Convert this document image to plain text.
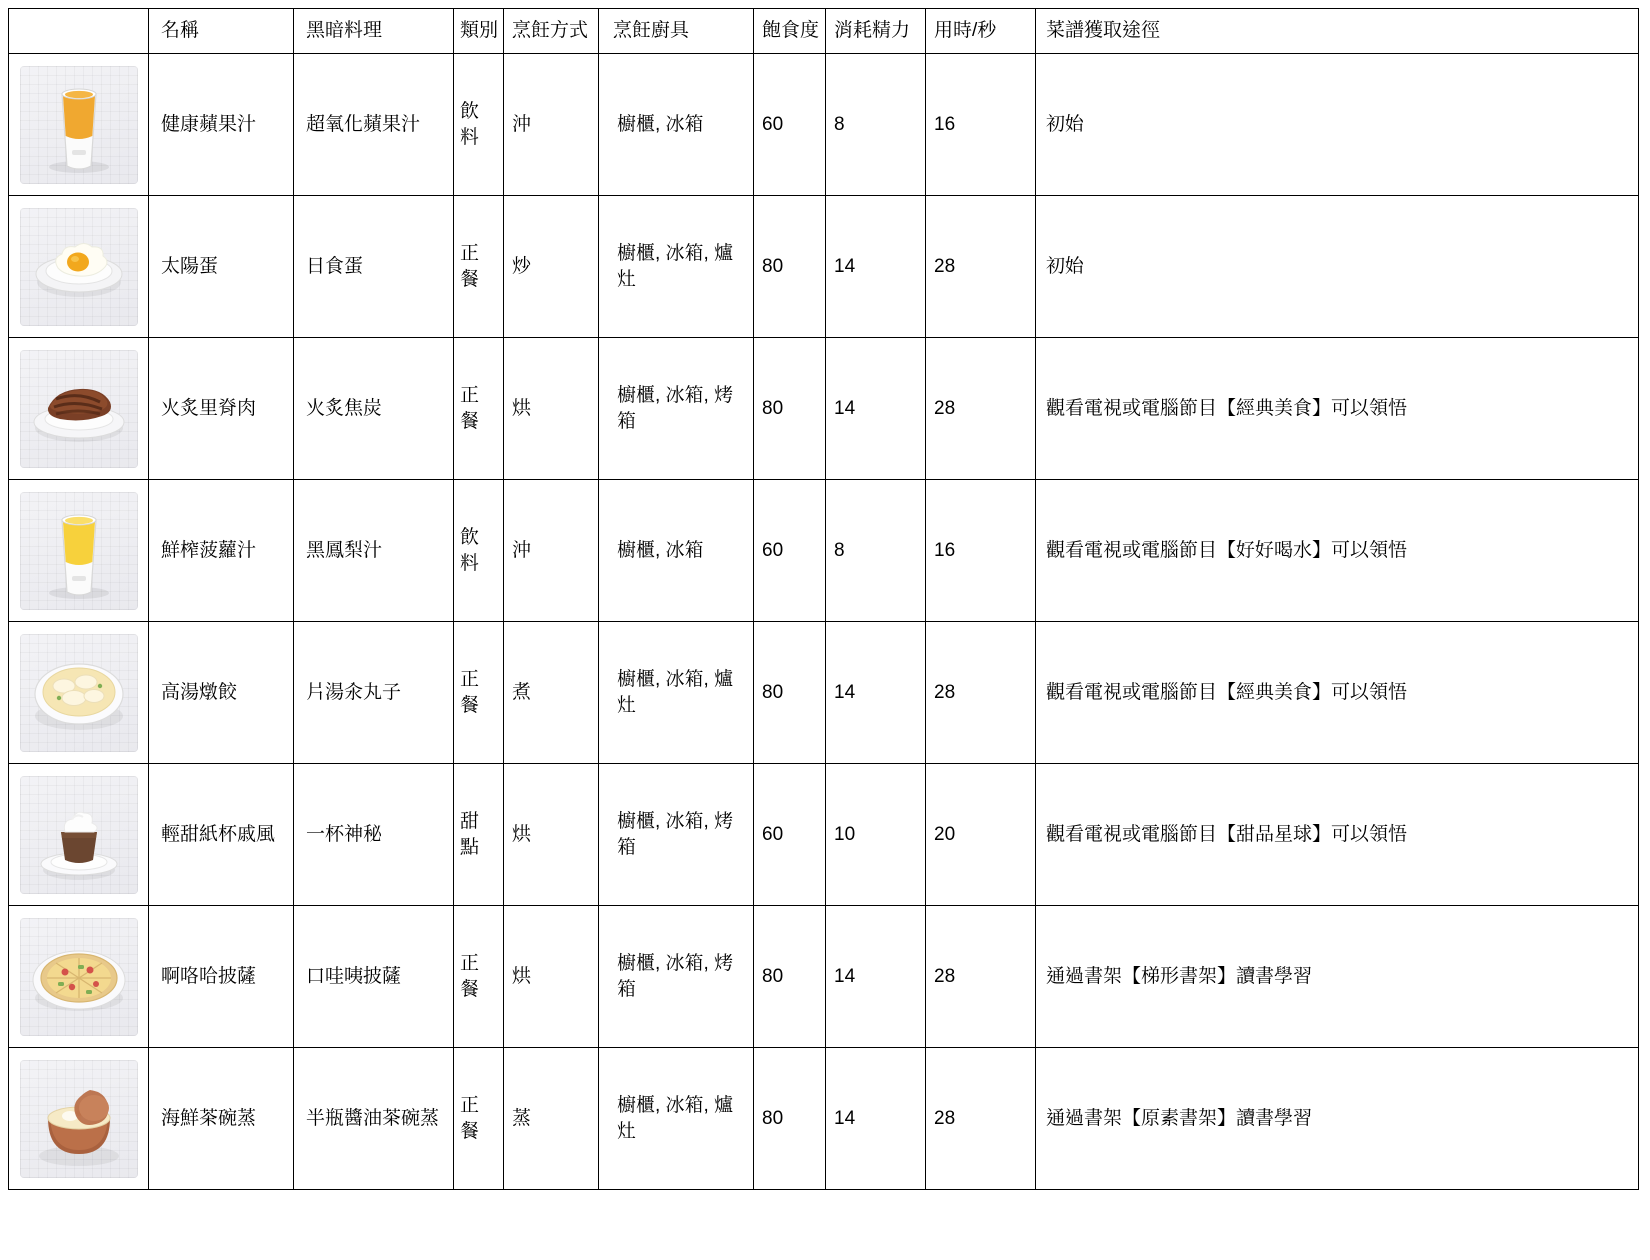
	名稱	黑暗料理	類別	烹飪方式	烹飪廚具	飽食度	消耗精力	用時/秒	菜譜獲取途徑

健康蘋果汁	超氧化蘋果汁	飲料	沖	櫥櫃, 冰箱	60	8	16	初始

太陽蛋	日食蛋	正餐	炒	櫥櫃, 冰箱, 爐灶	80	14	28	初始

火炙里脊肉	火炙焦炭	正餐	烘	櫥櫃, 冰箱, 烤箱	80	14	28	觀看電視或電腦節目【經典美食】可以領悟

鮮榨菠蘿汁	黑鳳梨汁	飲料	沖	櫥櫃, 冰箱	60	8	16	觀看電視或電腦節目【好好喝水】可以領悟

高湯燉餃	片湯汆丸子	正餐	煮	櫥櫃, 冰箱, 爐灶	80	14	28	觀看電視或電腦節目【經典美食】可以領悟

輕甜紙杯戚風	一杯神秘	甜點	烘	櫥櫃, 冰箱, 烤箱	60	10	20	觀看電視或電腦節目【甜品星球】可以領悟

啊咯哈披薩	口哇咦披薩	正餐	烘	櫥櫃, 冰箱, 烤箱	80	14	28	通過書架【梯形書架】讀書學習

海鮮茶碗蒸	半瓶醬油茶碗蒸	正餐	蒸	櫥櫃, 冰箱, 爐灶	80	14	28	通過書架【原素書架】讀書學習
